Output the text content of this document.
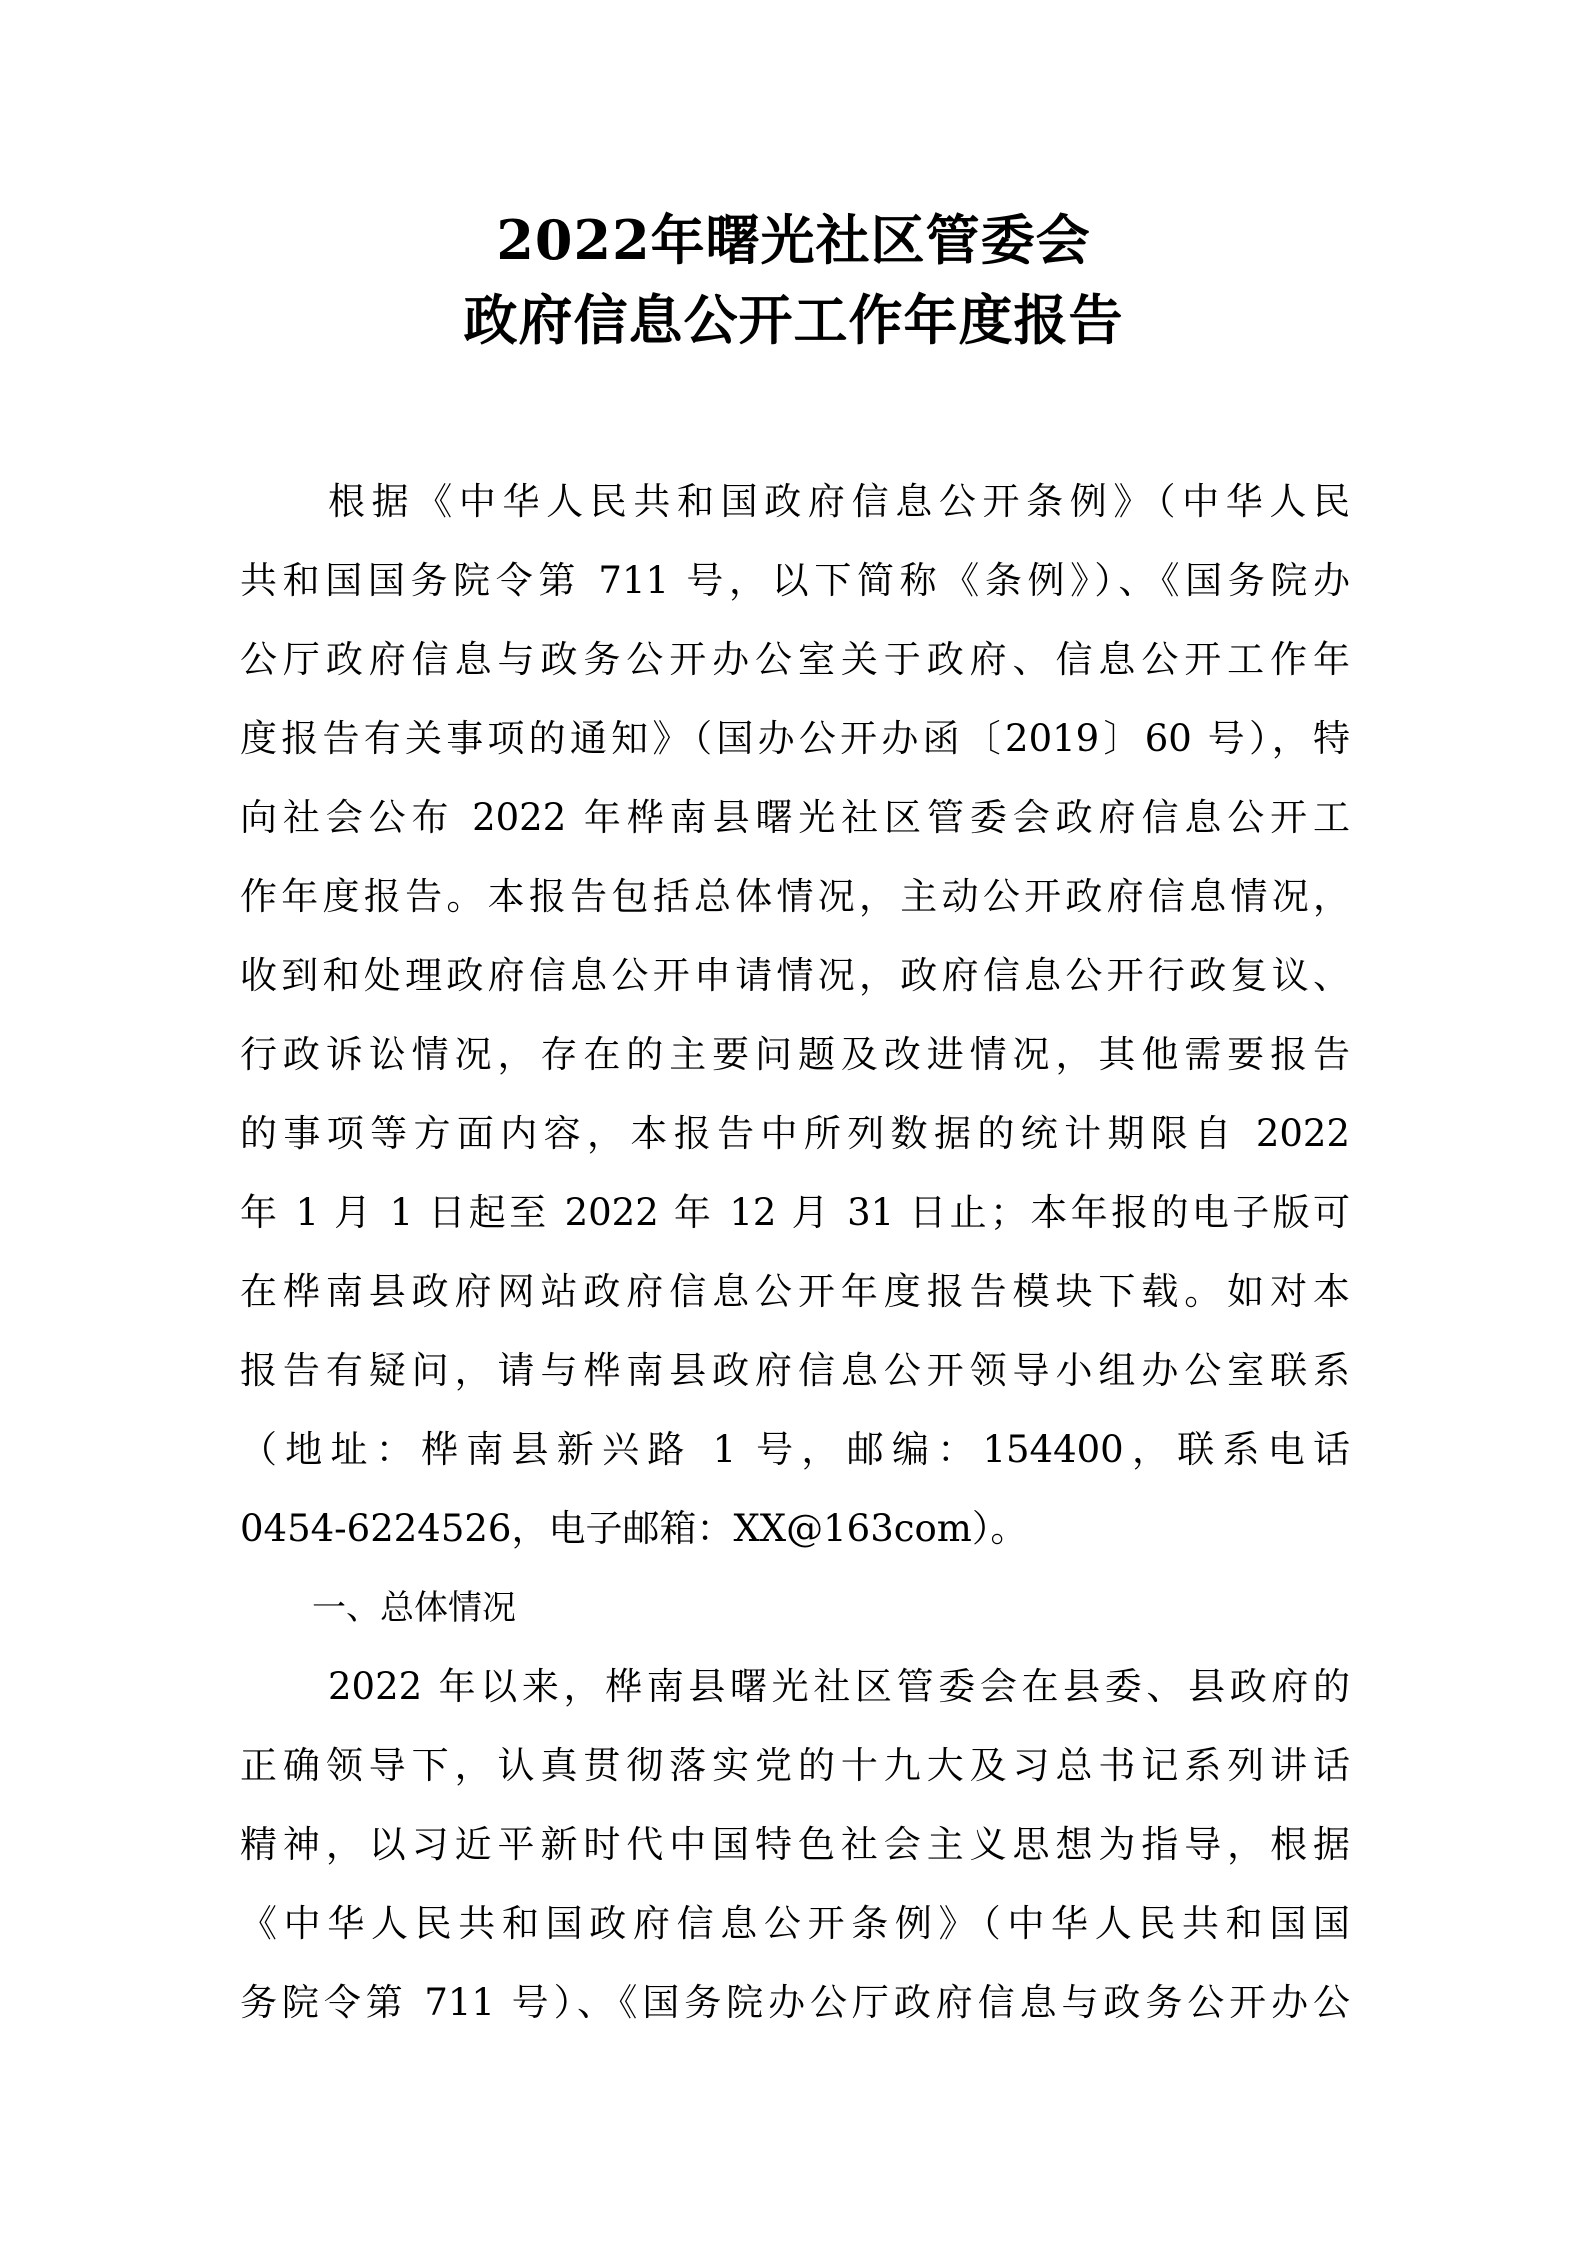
2022年曙光社区管委会
政府信息公开工作年度报告
根据《中华人民共和国政府信息公开条例》（中华人民
共和国国务院令第 711 号，以下简称《条例》）、《国务院办
公厅政府信息与政务公开办公室关于政府、信息公开工作年
度报告有关事项的通知》（国办公开办函〔2019〕60 号），特
向社会公布 2022 年桦南县曙光社区管委会政府信息公开工
作年度报告。本报告包括总体情况，主动公开政府信息情况，
收到和处理政府信息公开申请情况，政府信息公开行政复议、
行政诉讼情况，存在的主要问题及改进情况，其他需要报告
的事项等方面内容，本报告中所列数据的统计期限自 2022
年 1 月 1 日起至 2022 年 12 月 31 日止；本年报的电子版可
在桦南县政府网站政府信息公开年度报告模块下载。如对本
报告有疑问，请与桦南县政府信息公开领导小组办公室联系
（地址：桦南县新兴路 1 号，邮编：154400，联系电话
0454-6224526，电子邮箱：XX@163com）。
一、总体情况
2022 年以来，桦南县曙光社区管委会在县委、县政府的
正确领导下，认真贯彻落实党的十九大及习总书记系列讲话
精神，以习近平新时代中国特色社会主义思想为指导，根据
《中华人民共和国政府信息公开条例》（中华人民共和国国
务院令第 711 号）、《国务院办公厅政府信息与政务公开办公
